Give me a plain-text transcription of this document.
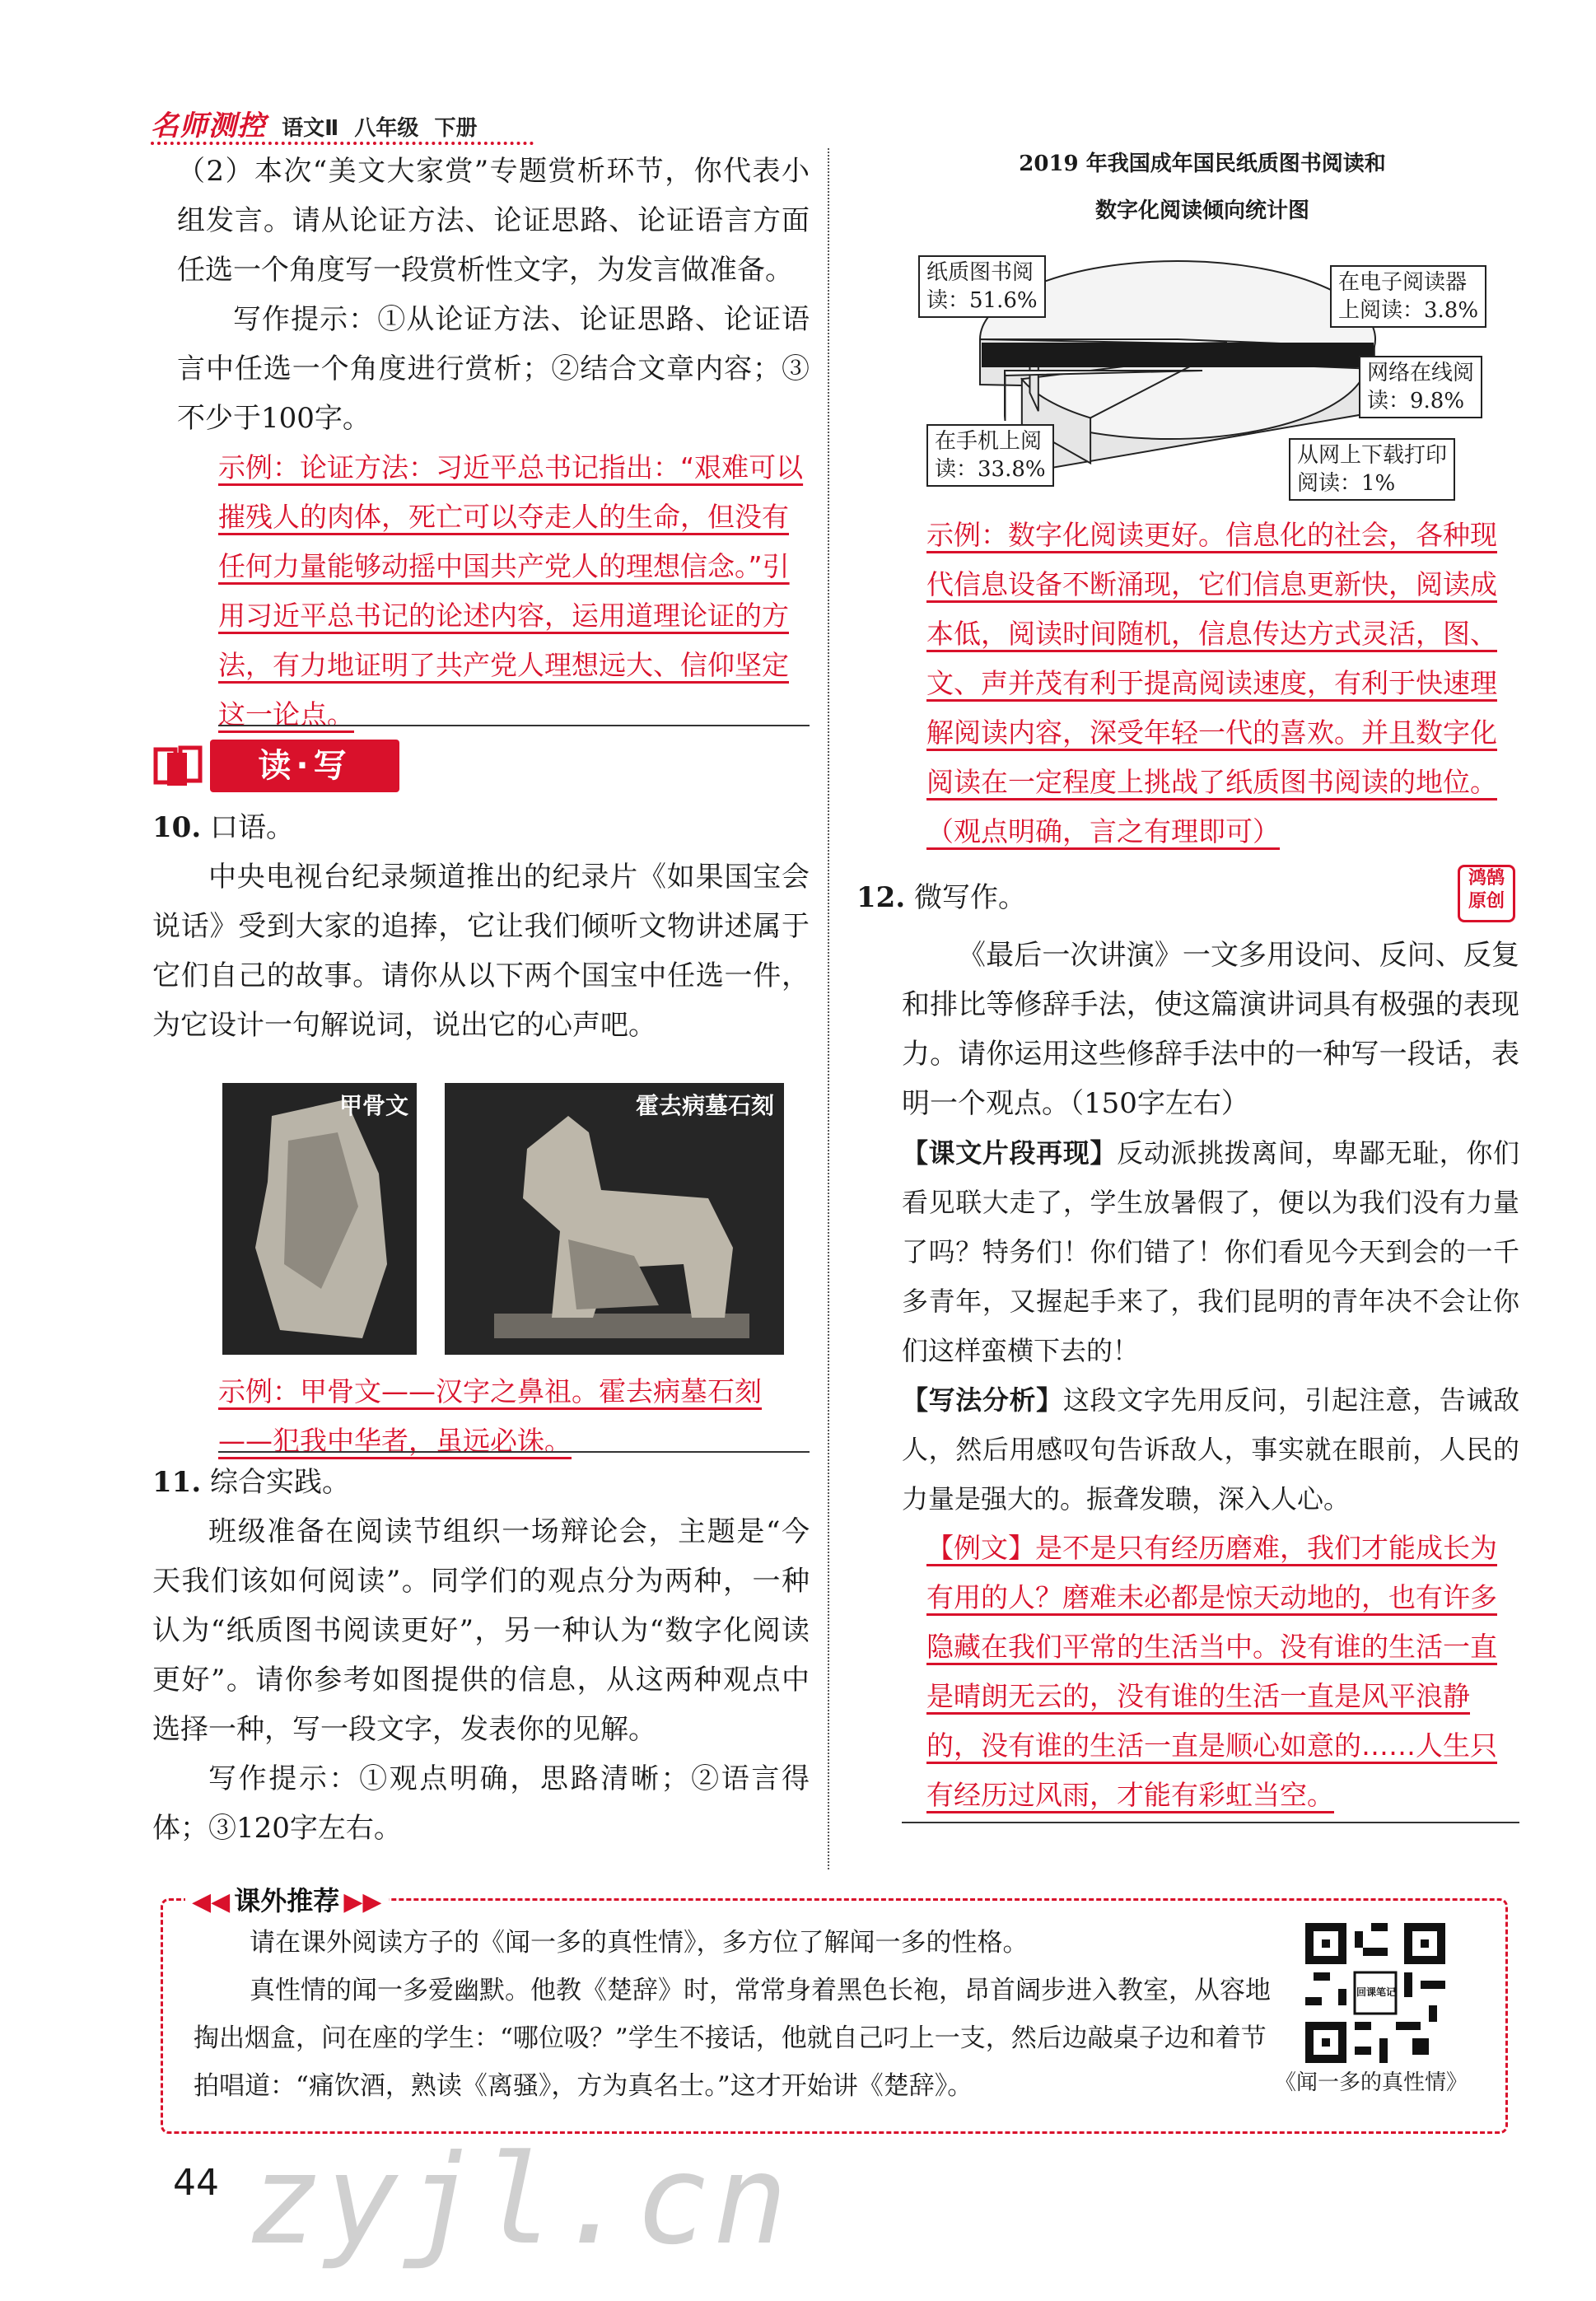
名师测控 语文Ⅱ 八年级 下册

（2）本次“美文大家赏”专题赏析环节，你代表小组发言。请从论证方法、论证思路、论证语言方面任选一个角度写一段赏析性文字，为发言做准备。

写作提示：①从论证方法、论证思路、论证语言中任选一个角度进行赏析；②结合文章内容；③不少于100字。

示例：论证方法：习近平总书记指出：“艰难可以摧残人的肉体，死亡可以夺走人的生命，但没有任何力量能够动摇中国共产党人的理想信念。”引用习近平总书记的论述内容，运用道理论证的方法，有力地证明了共产党人理想远大、信仰坚定这一论点。

读·写

10. 口语。

中央电视台纪录频道推出的纪录片《如果国宝会说话》受到大家的追捧，它让我们倾听文物讲述属于它们自己的故事。请你从以下两个国宝中任选一件，为它设计一句解说词，说出它的心声吧。

甲骨文	霍去病墓石刻

示例：甲骨文——汉字之鼻祖。霍去病墓石刻——犯我中华者，虽远必诛。

11. 综合实践。

班级准备在阅读节组织一场辩论会，主题是“今天我们该如何阅读”。同学们的观点分为两种，一种认为“纸质图书阅读更好”，另一种认为“数字化阅读更好”。请你参考如图提供的信息，从这两种观点中选择一种，写一段文字，发表你的见解。

写作提示：①观点明确，思路清晰；②语言得体；③120字左右。

2019 年我国成年国民纸质图书阅读和
数字化阅读倾向统计图
纸质图书阅
读：51.6%
在电子阅读器
上阅读：3.8%
网络在线阅
读：9.8%
在手机上阅
读：33.8%
从网上下载打印
阅读：1%

示例：数字化阅读更好。信息化的社会，各种现代信息设备不断涌现，它们信息更新快，阅读成本低，阅读时间随机，信息传达方式灵活，图、文、声并茂有利于提高阅读速度，有利于快速理解阅读内容，深受年轻一代的喜欢。并且数字化阅读在一定程度上挑战了纸质图书阅读的地位。（观点明确，言之有理即可）

鸿鹄原创

12. 微写作。

《最后一次讲演》一文多用设问、反问、反复和排比等修辞手法，使这篇演讲词具有极强的表现力。请你运用这些修辞手法中的一种写一段话，表明一个观点。（150字左右）

【课文片段再现】反动派挑拨离间，卑鄙无耻，你们看见联大走了，学生放暑假了，便以为我们没有力量了吗？特务们！你们错了！你们看见今天到会的一千多青年，又握起手来了，我们昆明的青年决不会让你们这样蛮横下去的！

【写法分析】这段文字先用反问，引起注意，告诫敌人，然后用感叹句告诉敌人，事实就在眼前，人民的力量是强大的。振聋发聩，深入人心。

【例文】是不是只有经历磨难，我们才能成长为有用的人？磨难未必都是惊天动地的，也有许多隐藏在我们平常的生活当中。没有谁的生活一直是晴朗无云的，没有谁的生活一直是风平浪静的，没有谁的生活一直是顺心如意的……人生只有经历过风雨，才能有彩虹当空。

◀◀ 课外推荐 ▶▶

请在课外阅读方子的《闻一多的真性情》，多方位了解闻一多的性格。

真性情的闻一多爱幽默。他教《楚辞》时，常常身着黑色长袍，昂首阔步进入教室，从容地掏出烟盒，问在座的学生：“哪位吸？”学生不接话，他就自己叼上一支，然后边敲桌子边和着节拍唱道：“痛饮酒，熟读《离骚》，方为真名士。”这才开始讲《楚辞》。

回课笔记
《闻一多的真性情》
44 zyjl.cn
